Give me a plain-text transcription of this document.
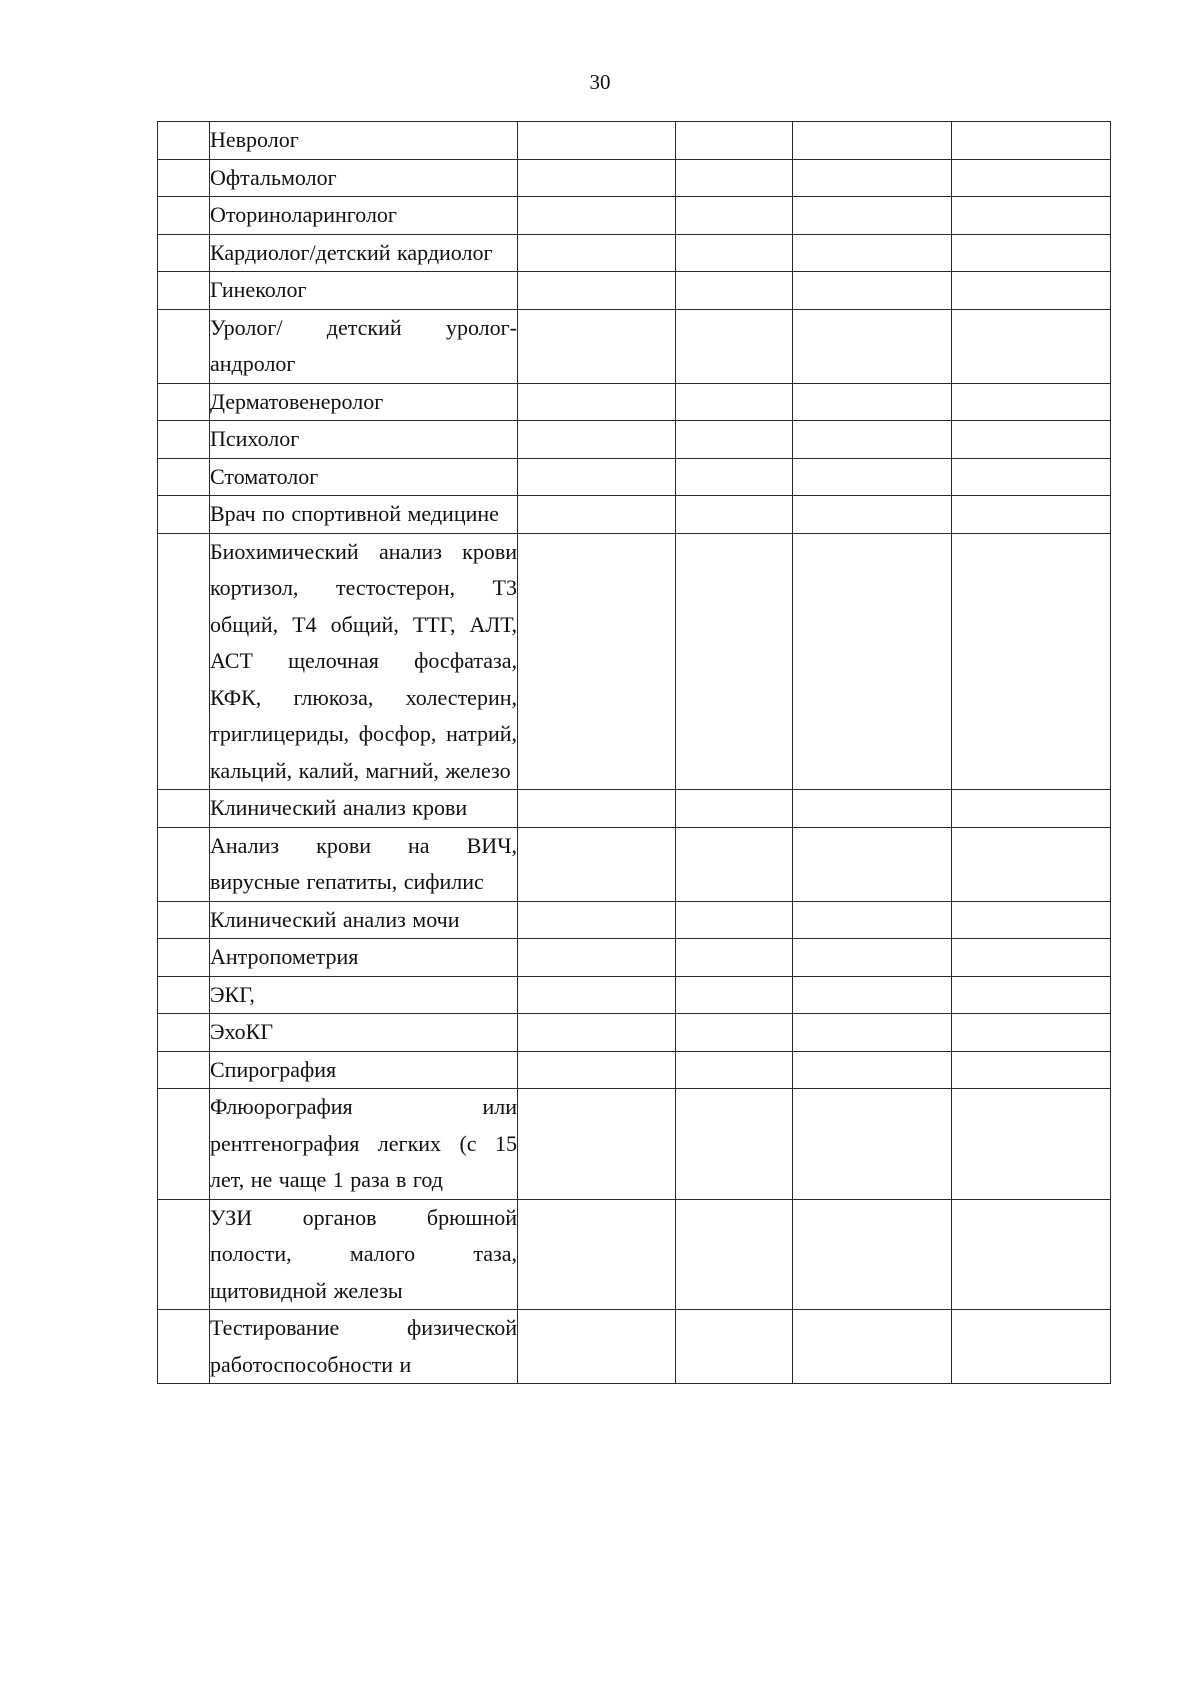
30
	Невролог				
	Офтальмолог				
	Оториноларинголог				
	Кардиолог/детский кардиолог				
	Гинеколог				
	Уролог/ детский уролог-андролог				
	Дерматовенеролог				
	Психолог				
	Стоматолог				
	Врач по спортивной медицине				
	Биохимический анализ крови кортизол, тестостерон, Т3 общий, Т4 общий, ТТГ, АЛТ, АСТ щелочная фосфатаза, КФК, глюкоза, холестерин, триглицериды, фосфор, натрий, кальций, калий, магний, железо				
	Клинический анализ крови				
	Анализ крови на ВИЧ, вирусные гепатиты, сифилис				
	Клинический анализ мочи				
	Антропометрия				
	ЭКГ,				
	ЭхоКГ				
	Спирография				
	Флюорография или рентгенография легких (с 15 лет, не чаще 1 раза в год				
	УЗИ органов брюшной полости, малого таза, щитовидной железы				
	Тестирование физической работоспособности и				
